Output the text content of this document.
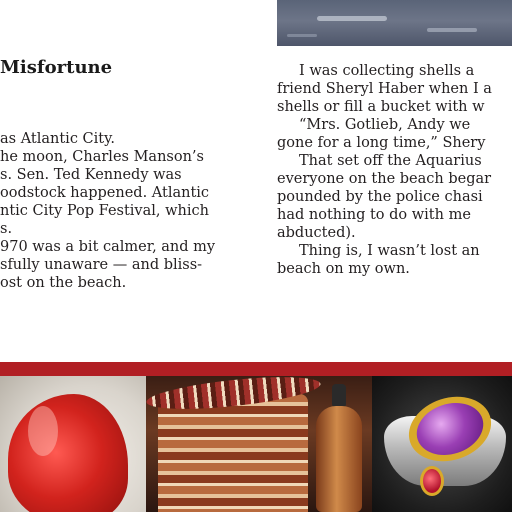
Misfortune
as Atlantic City.
he moon, Charles Manson’s
s. Sen. Ted Kennedy was
oodstock happened. Atlantic
ntic City Pop Festival, which
s.
970 was a bit calmer, and my
sfully unaware — and bliss-
ost on the beach.
I was collecting shells a
friend Sheryl Haber when I a
shells or fill a bucket with w
“Mrs. Gotlieb, Andy we
gone for a long time,” Shery
That set off the Aquarius
everyone on the beach begar
pounded by the police chasi
had nothing to do with me
abducted).
Thing is, I wasn’t lost an
beach on my own.
